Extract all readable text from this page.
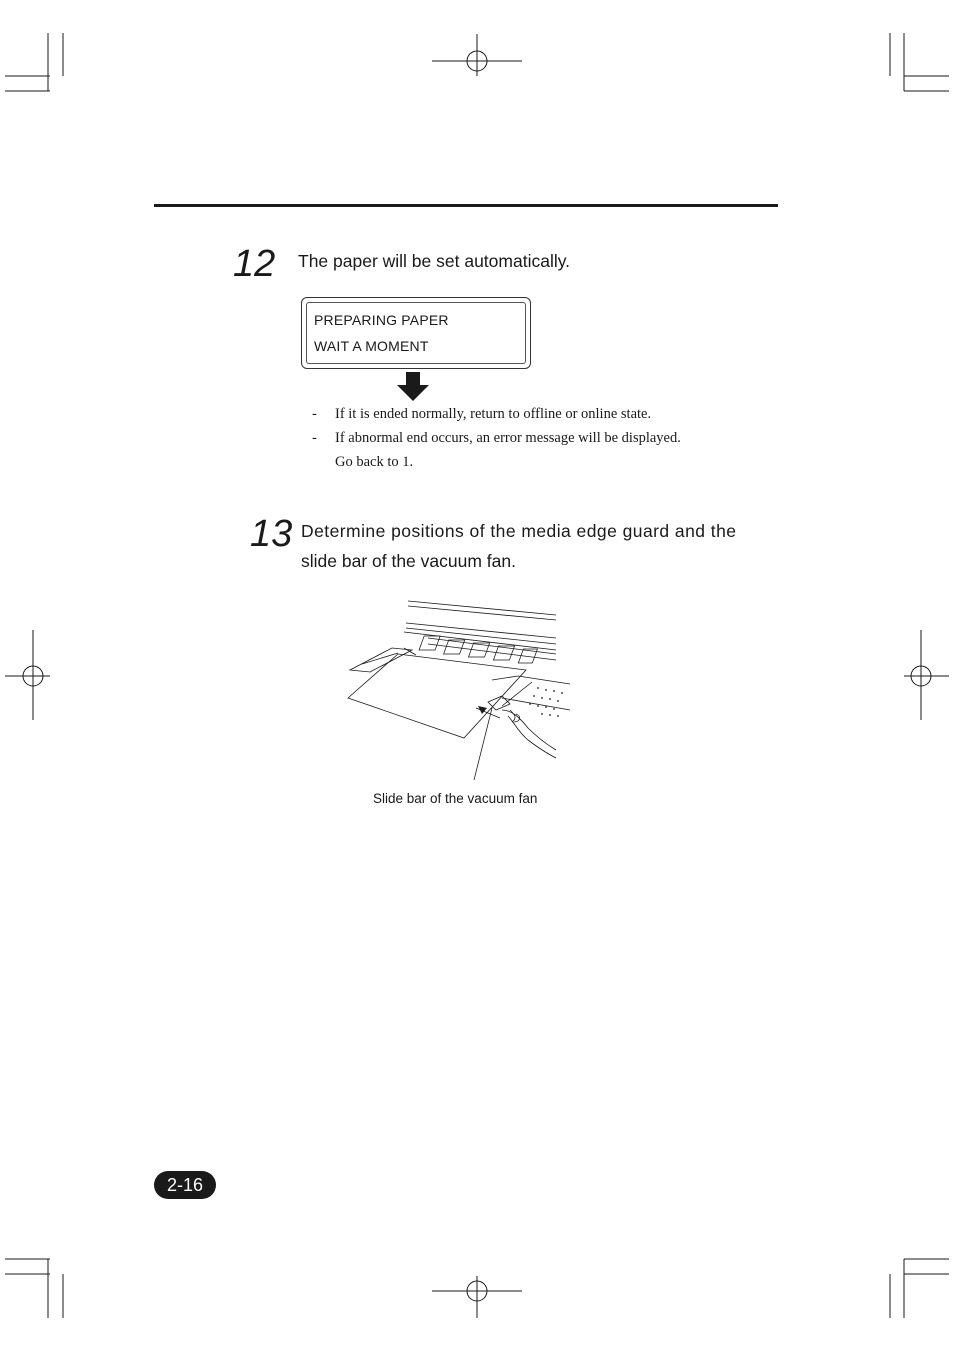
12 The paper will be set automatically.
PREPARING PAPER
WAIT A MOMENT
- If it is ended normally, return to offline or online state.
- If abnormal end occurs, an error message will be displayed.
Go back to 1.
13 Determine positions of the media edge guard and the
slide bar of the vacuum fan.
Slide bar of the vacuum fan
2-16
